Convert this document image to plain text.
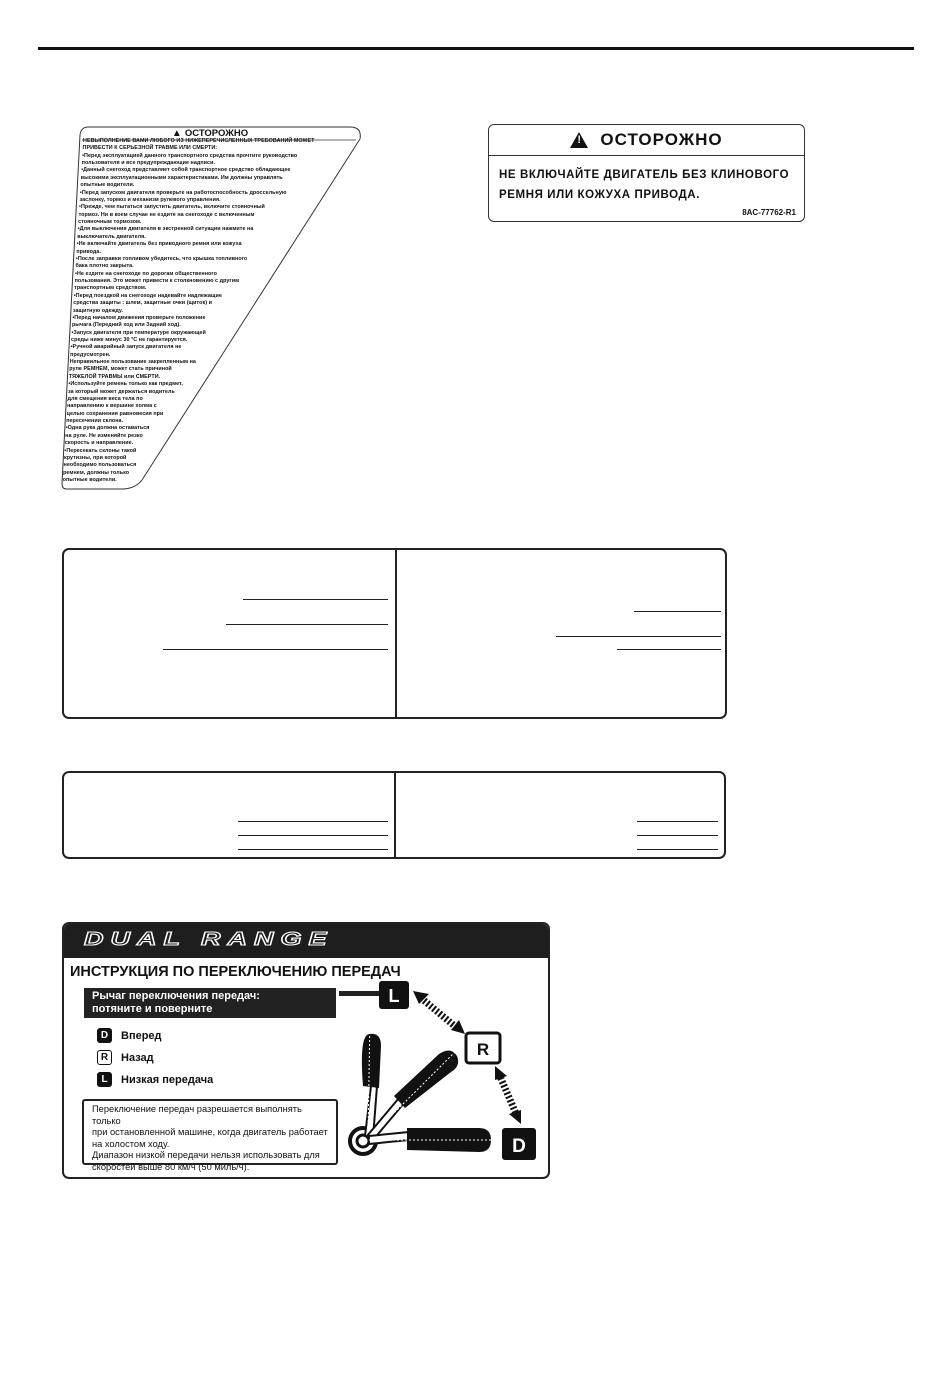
▲ ОСТОРОЖНО
НЕВЫПОЛНЕНИЕ ВАМИ ЛЮБОГО ИЗ НИЖЕПЕРЕЧИСЛЕННЫХ ТРЕБОВАНИЙ МОЖЕТ
ПРИВЕСТИ К СЕРЬЕЗНОЙ ТРАВМЕ ИЛИ СМЕРТИ:
•Перед эксплуатацией данного транспортного средства прочтите руководство
пользователя и все предупреждающие надписи.
•Данный снегоход представляет собой транспортное средство обладающее
высокими эксплуатационными характеристиками. Им должны управлять
опытные водители.
•Перед запуском двигателя проверьте на работоспособность дроссельную
заслонку, тормоз и механизм рулевого управления.
•Прежде, чем пытаться запустить двигатель, включите стояночный
тормоз. Ни в коем случае не ездите на снегоходе с включенным
стояночным тормозом.
•Для выключения двигателя в экстренной ситуации нажмите на
выключатель двигателя.
•Не включайте двигатель без приводного ремня или кожуха
привода.
•После заправки топливом убедитесь, что крышка топливного
бака плотно закрыта.
•Не ездите на снегоходе по дорогам общественного
пользования. Это может привести к столкновению с другим
транспортным средством.
•Перед поездкой на снегоходе надевайте надлежащие
средства защиты : шлем, защитные очки (щиток) и
защитную одежду.
•Перед началом движения проверьте положение
рычага (Передний ход или Задний ход).
•Запуск двигателя при температуре окружающей
среды ниже минус 30 °С не гарантируется.
•Ручной аварийный запуск двигателя не
предусмотрен.
Неправильное пользование закрепленным на
руле РЕМНЕМ, может стать причиной
ТЯЖЕЛОЙ ТРАВМЫ или СМЕРТИ.
•Используйте ремень только как предмет,
за который может держаться водитель
для смещения веса тела по
направлению к вершине холма с
целью сохранения равновесия при
пересечении склона.
•Одна рука должна оставаться
на руле. Не изменяйте резко
скорость и направление.
•Пересекать склоны такой
крутизны, при которой
необходимо пользоваться
ремнем, должны только
опытные водители.
! ОСТОРОЖНО
НЕ ВКЛЮЧАЙТЕ ДВИГАТЕЛЬ БЕЗ КЛИНОВОГО
РЕМНЯ ИЛИ КОЖУХА ПРИВОДА.
8AC-77762-R1
DUAL RANGE
ИНСТРУКЦИЯ ПО ПЕРЕКЛЮЧЕНИЮ ПЕРЕДАЧ
Рычаг переключения передач:
потяните и поверните
D	Вперед
R	Назад
L	Низкая передача
Переключение передач разрешается выполнять только
при остановленной машине, когда двигатель работает
на холостом ходу.
Диапазон низкой передачи нельзя использовать для
скоростей выше 80 км/ч (50 миль/ч).
L
R
D
